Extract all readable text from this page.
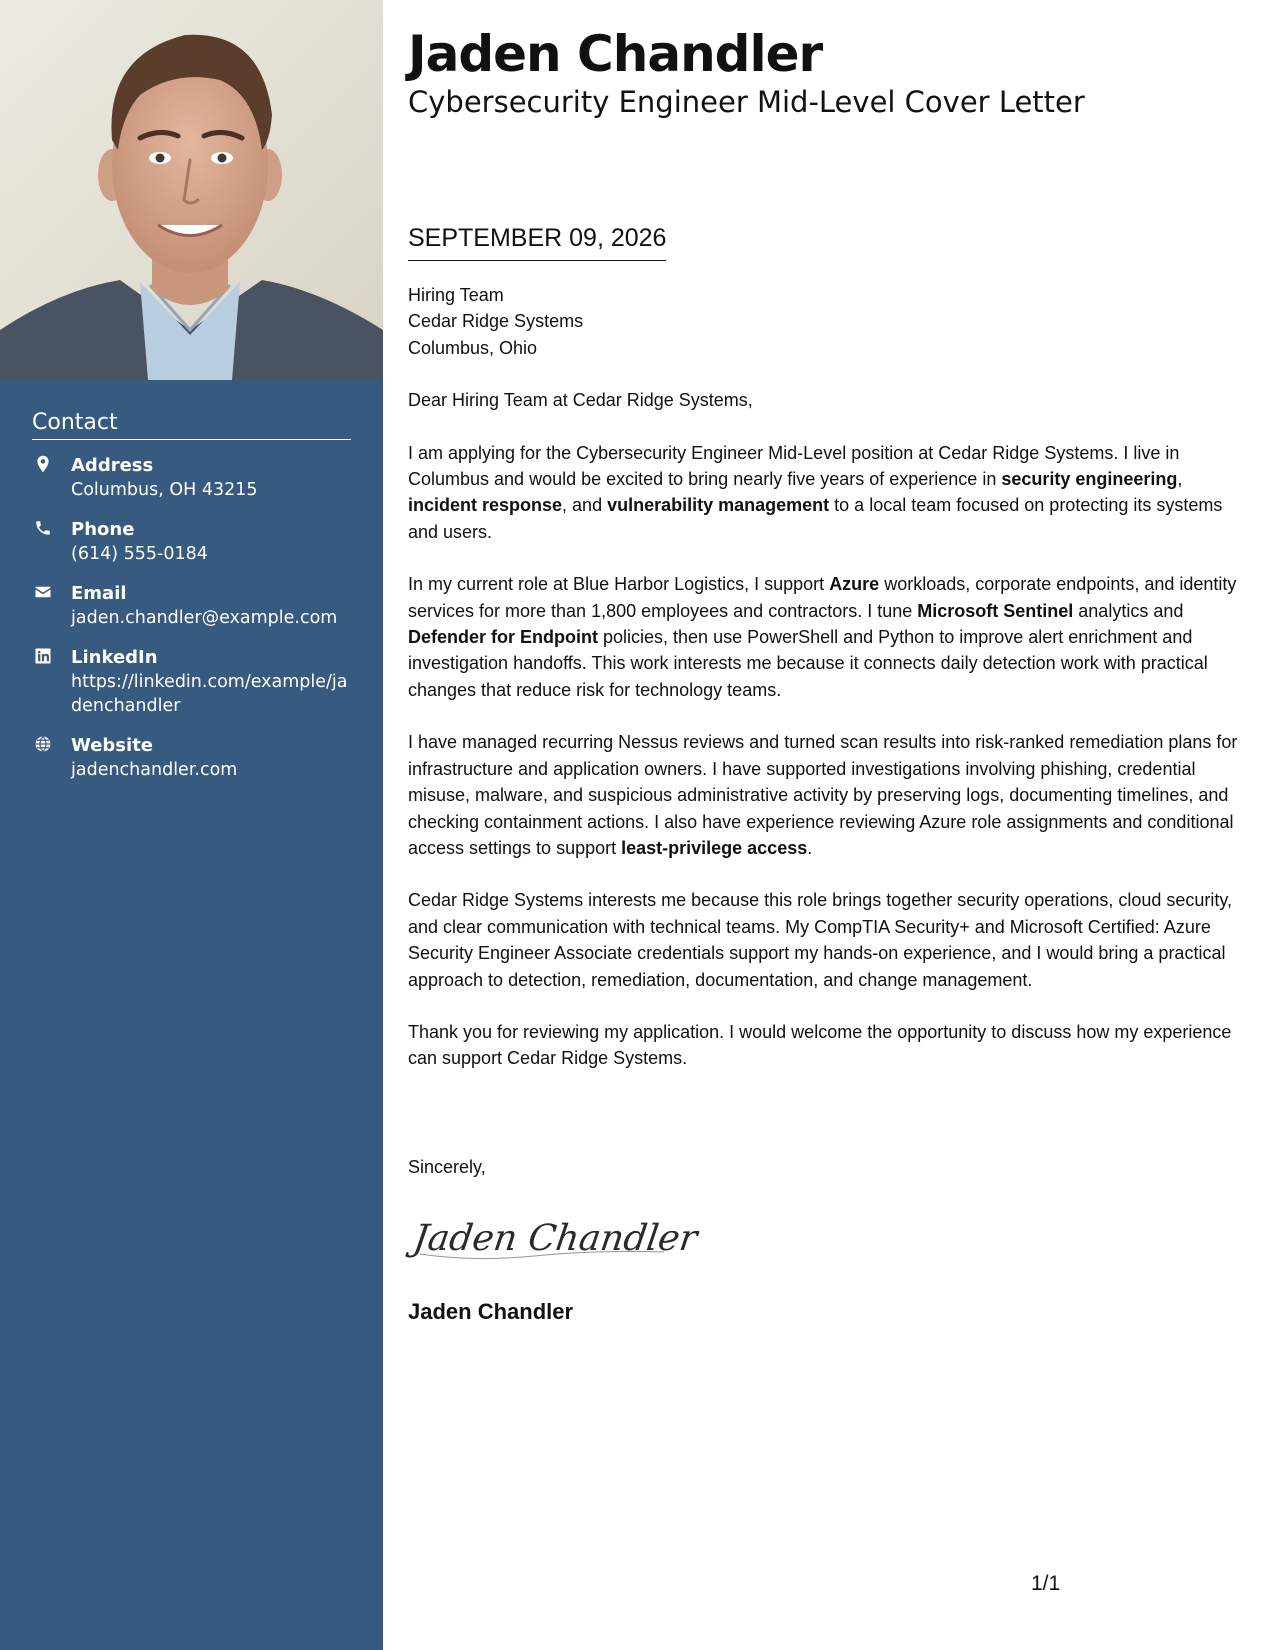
Contact
Address
Columbus, OH 43215
Phone
(614) 555-0184
Email
jaden.chandler@example.com
LinkedIn
https://linkedin.com/example/jadenchandler
Website
jadenchandler.com
Jaden Chandler
Cybersecurity Engineer Mid-Level Cover Letter
SEPTEMBER 09, 2026
Hiring Team
Cedar Ridge Systems
Columbus, Ohio

Dear Hiring Team at Cedar Ridge Systems,

I am applying for the Cybersecurity Engineer Mid-Level position at Cedar Ridge Systems. I live in Columbus and would be excited to bring nearly five years of experience in security engineering, incident response, and vulnerability management to a local team focused on protecting its systems and users.

In my current role at Blue Harbor Logistics, I support Azure workloads, corporate endpoints, and identity services for more than 1,800 employees and contractors. I tune Microsoft Sentinel analytics and Defender for Endpoint policies, then use PowerShell and Python to improve alert enrichment and investigation handoffs. This work interests me because it connects daily detection work with practical changes that reduce risk for technology teams.

I have managed recurring Nessus reviews and turned scan results into risk-ranked remediation plans for infrastructure and application owners. I have supported investigations involving phishing, credential misuse, malware, and suspicious administrative activity by preserving logs, documenting timelines, and checking containment actions. I also have experience reviewing Azure role assignments and conditional access settings to support least-privilege access.

Cedar Ridge Systems interests me because this role brings together security operations, cloud security, and clear communication with technical teams. My CompTIA Security+ and Microsoft Certified: Azure Security Engineer Associate credentials support my hands-on experience, and I would bring a practical approach to detection, remediation, documentation, and change management.

Thank you for reviewing my application. I would welcome the opportunity to discuss how my experience can support Cedar Ridge Systems.

Sincerely,
Jaden Chandler
Jaden Chandler
1/1
